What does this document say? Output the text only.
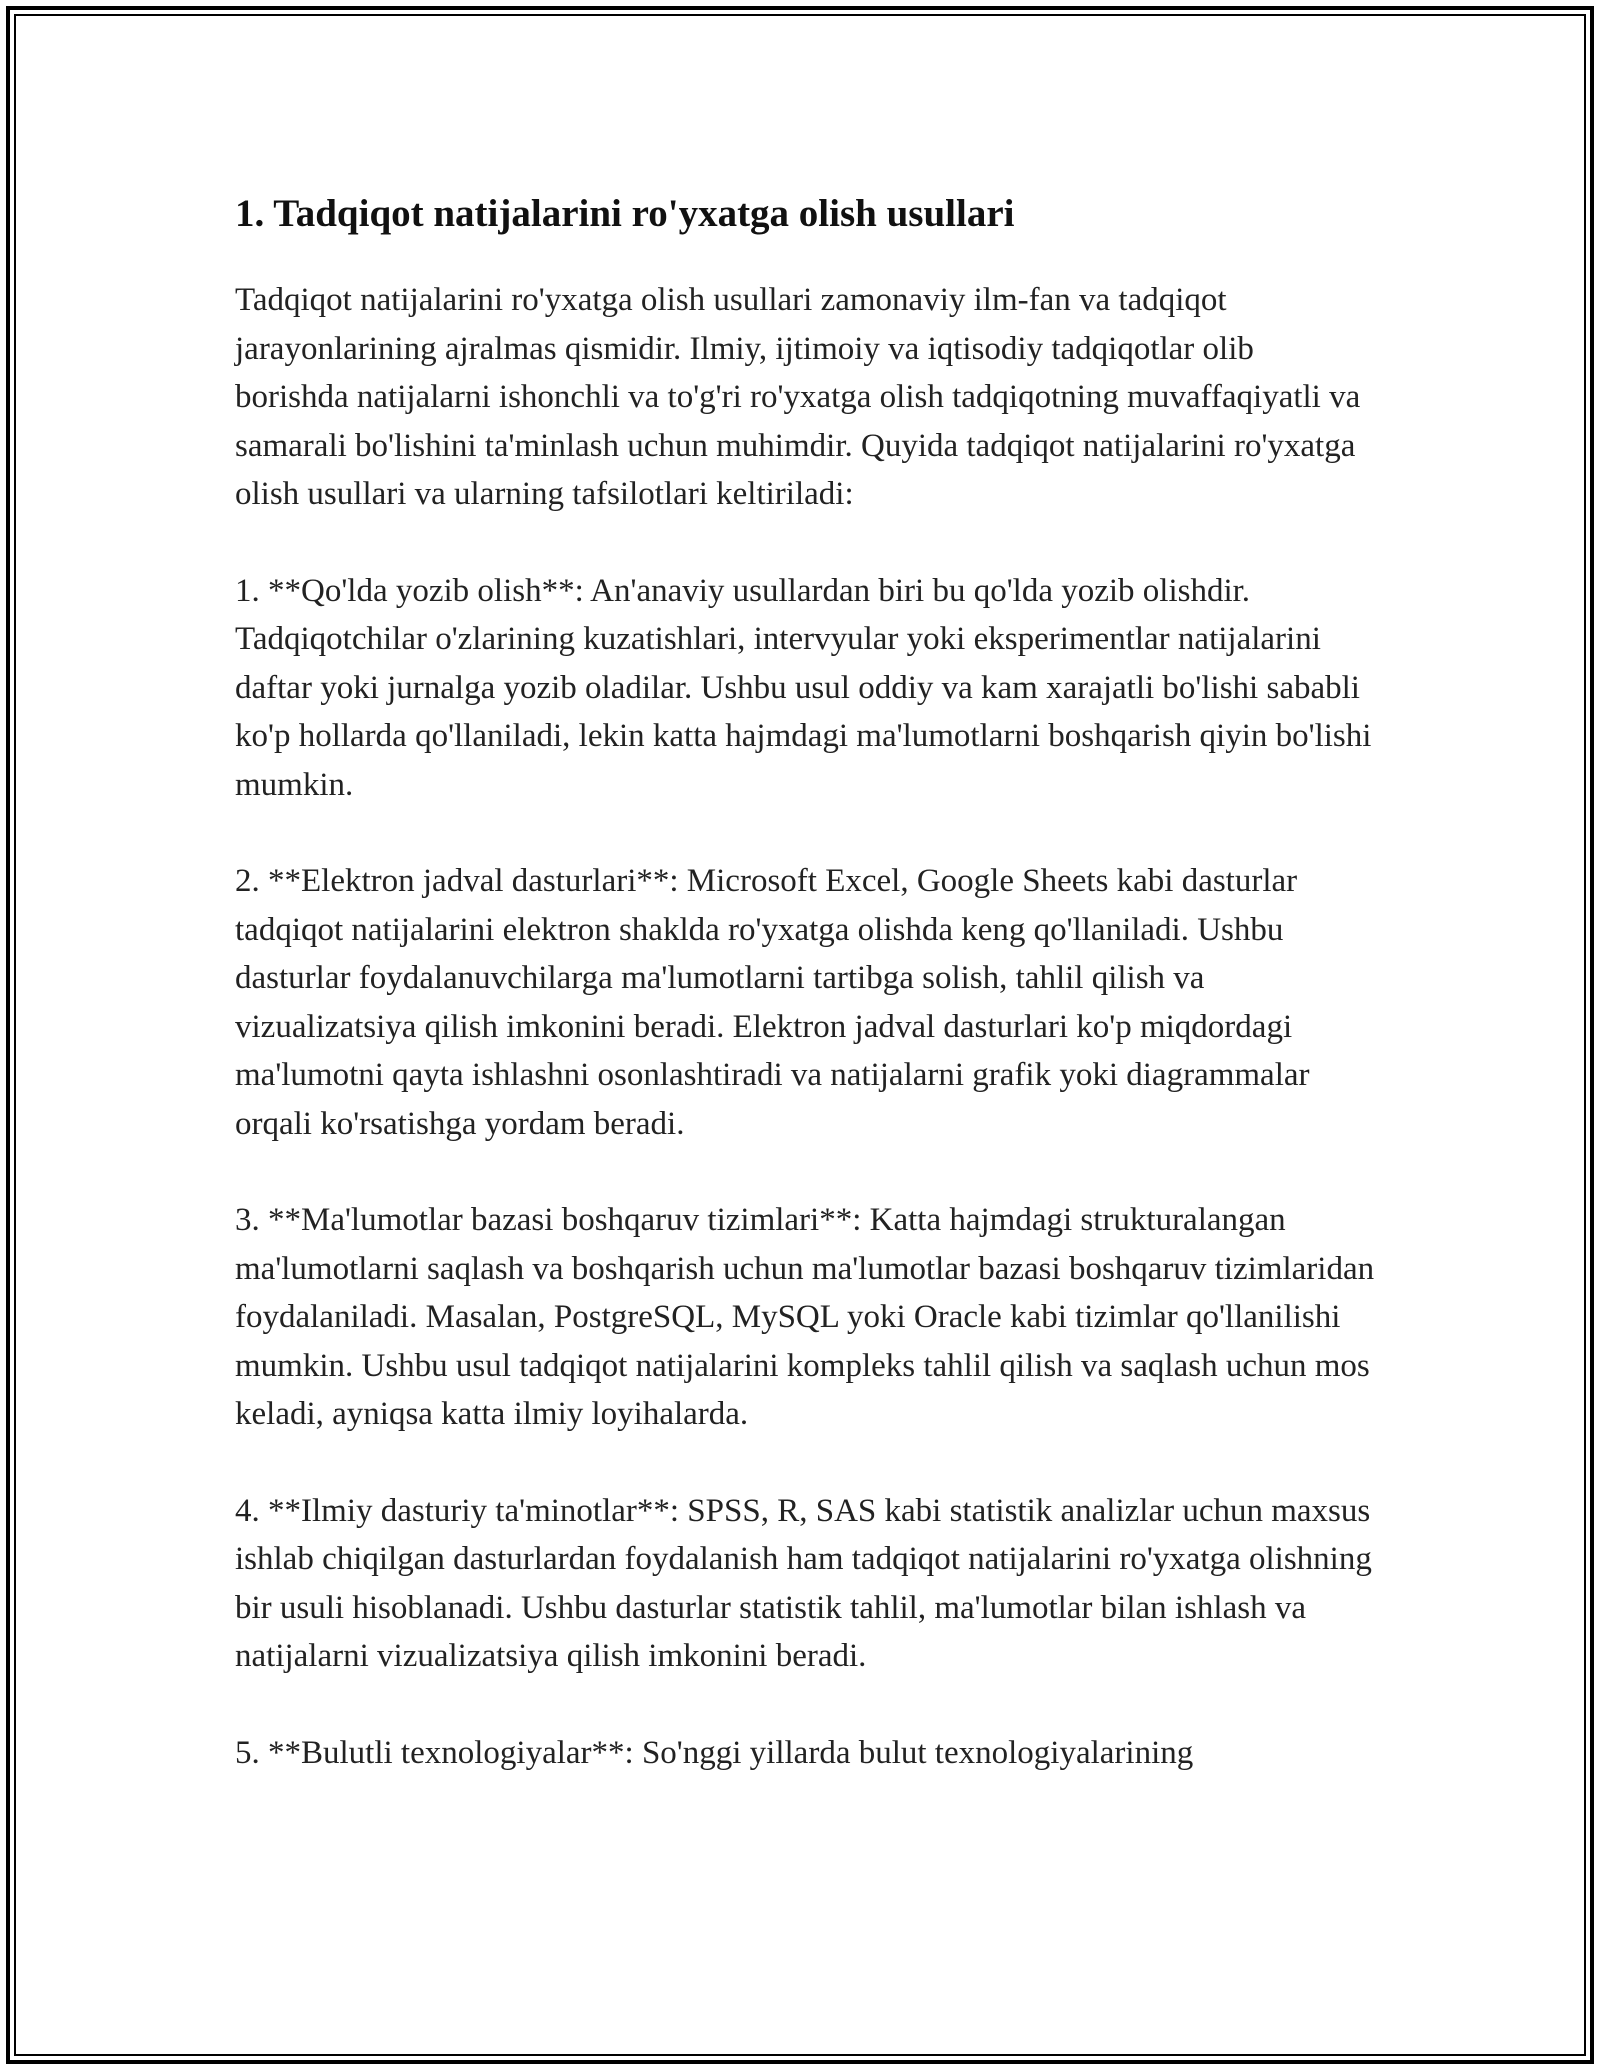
1. Tadqiqot natijalarini ro'yxatga olish usullari

Tadqiqot natijalarini ro'yxatga olish usullari zamonaviy ilm-fan va tadqiqot jarayonlarining ajralmas qismidir. Ilmiy, ijtimoiy va iqtisodiy tadqiqotlar olib borishda natijalarni ishonchli va to'g'ri ro'yxatga olish tadqiqotning muvaffaqiyatli va samarali bo'lishini ta'minlash uchun muhimdir. Quyida tadqiqot natijalarini ro'yxatga olish usullari va ularning tafsilotlari keltiriladi:

1. **Qo'lda yozib olish**: An'anaviy usullardan biri bu qo'lda yozib olishdir. Tadqiqotchilar o'zlarining kuzatishlari, intervyular yoki eksperimentlar natijalarini daftar yoki jurnalga yozib oladilar. Ushbu usul oddiy va kam xarajatli bo'lishi sababli ko'p hollarda qo'llaniladi, lekin katta hajmdagi ma'lumotlarni boshqarish qiyin bo'lishi mumkin.

2. **Elektron jadval dasturlari**: Microsoft Excel, Google Sheets kabi dasturlar tadqiqot natijalarini elektron shaklda ro'yxatga olishda keng qo'llaniladi. Ushbu dasturlar foydalanuvchilarga ma'lumotlarni tartibga solish, tahlil qilish va vizualizatsiya qilish imkonini beradi. Elektron jadval dasturlari ko'p miqdordagi ma'lumotni qayta ishlashni osonlashtiradi va natijalarni grafik yoki diagrammalar orqali ko'rsatishga yordam beradi.

3. **Ma'lumotlar bazasi boshqaruv tizimlari**: Katta hajmdagi strukturalangan ma'lumotlarni saqlash va boshqarish uchun ma'lumotlar bazasi boshqaruv tizimlaridan foydalaniladi. Masalan, PostgreSQL, MySQL yoki Oracle kabi tizimlar qo'llanilishi mumkin. Ushbu usul tadqiqot natijalarini kompleks tahlil qilish va saqlash uchun mos keladi, ayniqsa katta ilmiy loyihalarda.

4. **Ilmiy dasturiy ta'minotlar**: SPSS, R, SAS kabi statistik analizlar uchun maxsus ishlab chiqilgan dasturlardan foydalanish ham tadqiqot natijalarini ro'yxatga olishning bir usuli hisoblanadi. Ushbu dasturlar statistik tahlil, ma'lumotlar bilan ishlash va natijalarni vizualizatsiya qilish imkonini beradi.

5. **Bulutli texnologiyalar**: So'nggi yillarda bulut texnologiyalarining
